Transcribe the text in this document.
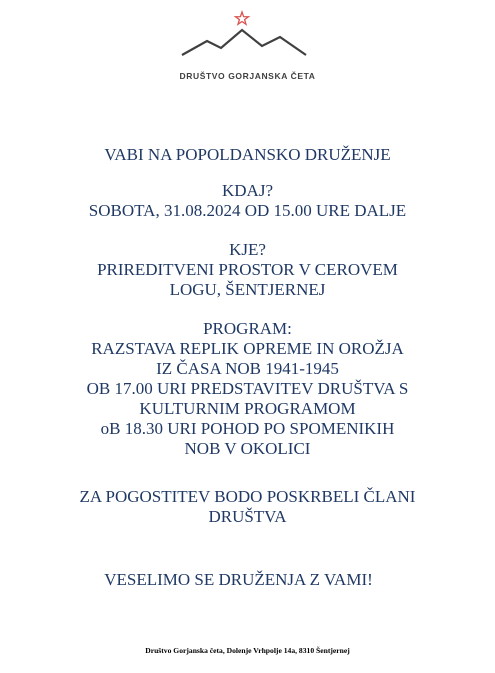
DRUŠTVO GORJANSKA ČETA
VABI NA POPOLDANSKO DRUŽENJE
KDAJ?
SOBOTA, 31.08.2024 OD 15.00 URE DALJE
KJE?
PRIREDITVENI PROSTOR V CEROVEM
LOGU, ŠENTJERNEJ
PROGRAM:
RAZSTAVA REPLIK OPREME IN OROŽJA
IZ ČASA NOB 1941-1945
OB 17.00 URI PREDSTAVITEV DRUŠTVA S
KULTURNIM PROGRAMOM
oB 18.30 URI POHOD PO SPOMENIKIH
NOB V OKOLICI
ZA POGOSTITEV BODO POSKRBELI ČLANI
DRUŠTVA
VESELIMO SE DRUŽENJA Z VAMI!
Društvo Gorjanska četa, Dolenje Vrhpolje 14a, 8310 Šentjernej
